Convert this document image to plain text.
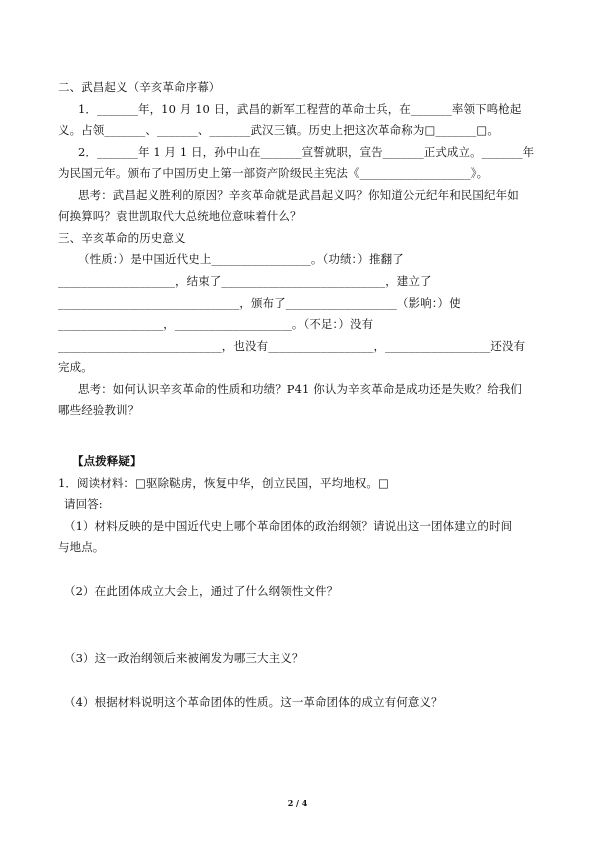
二、武昌起义（辛亥革命序幕）
1．_______年，10 月 10 日，武昌的新军工程营的革命士兵，在_______率领下鸣枪起
义。占领_______、_______、_______武汉三镇。历史上把这次革命称为□_______□。
2．_______年 1 月 1 日，孙中山在_______宣誓就职，宣告_______正式成立。_______年
为民国元年。颁布了中国历史上第一部资产阶级民主宪法《___________________》。
思考：武昌起义胜利的原因？辛亥革命就是武昌起义吗？你知道公元纪年和民国纪年如
何换算吗？袁世凯取代大总统地位意味着什么？
三、辛亥革命的历史意义
（性质：）是中国近代史上_________________。（功绩：）推翻了
____________________，结束了____________________________，建立了
_______________________________，颁布了___________________（影响：）使
__________________，____________________。（不足：）没有
____________________________，也没有__________________，__________________还没有
完成。
思考：如何认识辛亥革命的性质和功绩？P41 你认为辛亥革命是成功还是失败？给我们
哪些经验教训？
【点拨释疑】
1．阅读材料：□驱除鞑虏，恢复中华，创立民国，平均地权。□
请回答:
（1）材料反映的是中国近代史上哪个革命团体的政治纲领？请说出这一团体建立的时间
与地点。
（2）在此团体成立大会上，通过了什么纲领性文件？
（3）这一政治纲领后来被阐发为哪三大主义？
（4）根据材料说明这个革命团体的性质。这一革命团体的成立有何意义？
2 / 4
